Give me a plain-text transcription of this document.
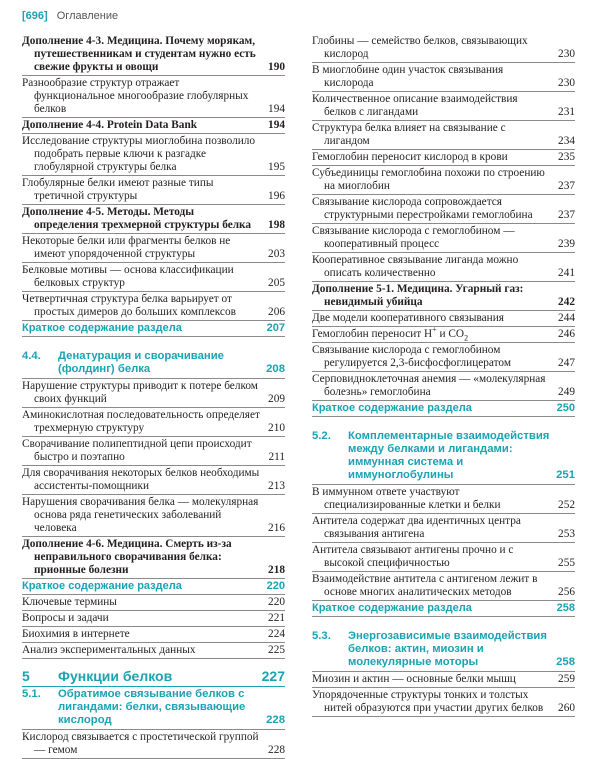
[696] Оглавление
Дополнение 4-3. Медицина. Почему морякам, путешественникам и студентам нужно есть свежие фрукты и овощи	190
Разнообразие структур отражает функциональное многообразие глобулярных белков	194
Дополнение 4-4. Protein Data Bank	194
Исследование структуры миоглобина позволило подобрать первые ключи к разгадке глобулярной структуры белка	195
Глобулярные белки имеют разные типы третичной структуры	196
Дополнение 4-5. Методы. Методы определения трехмерной структуры белка	198
Некоторые белки или фрагменты белков не имеют упорядоченной структуры	203
Белковые мотивы — основа классификации белковых структур	205
Четвертичная структура белка варьирует от простых димеров до больших комплексов	206
Краткое содержание раздела	207
4.4. Денатурация и сворачивание (фолдинг) белка	208
Нарушение структуры приводит к потере белком своих функций	209
Аминокислотная последовательность определяет трехмерную структуру	210
Сворачивание полипептидной цепи происходит быстро и поэтапно	211
Для сворачивания некоторых белков необходимы ассистенты-помощники	213
Нарушения сворачивания белка — молекулярная основа ряда генетических заболеваний человека	216
Дополнение 4-6. Медицина. Смерть из-за неправильного сворачивания белка: прионные болезни	218
Краткое содержание раздела	220
Ключевые термины	220
Вопросы и задачи	221
Биохимия в интернете	224
Анализ экспериментальных данных	225
5 Функции белков	227
5.1. Обратимое связывание белков с лигандами: белки, связывающие кислород	228
Кислород связывается с простетической группой — гемом	228
Глобины — семейство белков, связывающих кислород	230
В миоглобине один участок связывания кислорода	230
Количественное описание взаимодействия белков с лигандами	231
Структура белка влияет на связывание с лигандом	234
Гемоглобин переносит кислород в крови	235
Субъединицы гемоглобина похожи по строению на миоглобин	237
Связывание кислорода сопровождается структурными перестройками гемоглобина	237
Связывание кислорода с гемоглобином — кооперативный процесс	239
Кооперативное связывание лиганда можно описать количественно	241
Дополнение 5-1. Медицина. Угарный газ: невидимый убийца	242
Две модели кооперативного связывания	244
Гемоглобин переносит H+ и $CO_2$	246
Связывание кислорода с гемоглобином регулируется 2,3-бисфосфоглицератом	247
Серповидноклеточная анемия — «молекулярная болезнь» гемоглобина	249
Краткое содержание раздела	250
5.2. Комплементарные взаимодействия между белками и лигандами: иммунная система и иммуноглобулины	251
В иммунном ответе участвуют специализированные клетки и белки	252
Антитела содержат два идентичных центра связывания антигена	253
Антитела связывают антигены прочно и с высокой специфичностью	255
Взаимодействие антитела с антигеном лежит в основе многих аналитических методов	256
Краткое содержание раздела	258
5.3. Энергозависимые взаимодействия белков: актин, миозин и молекулярные моторы	258
Миозин и актин — основные белки мышц	259
Упорядоченные структуры тонких и толстых нитей образуются при участии других белков	260
